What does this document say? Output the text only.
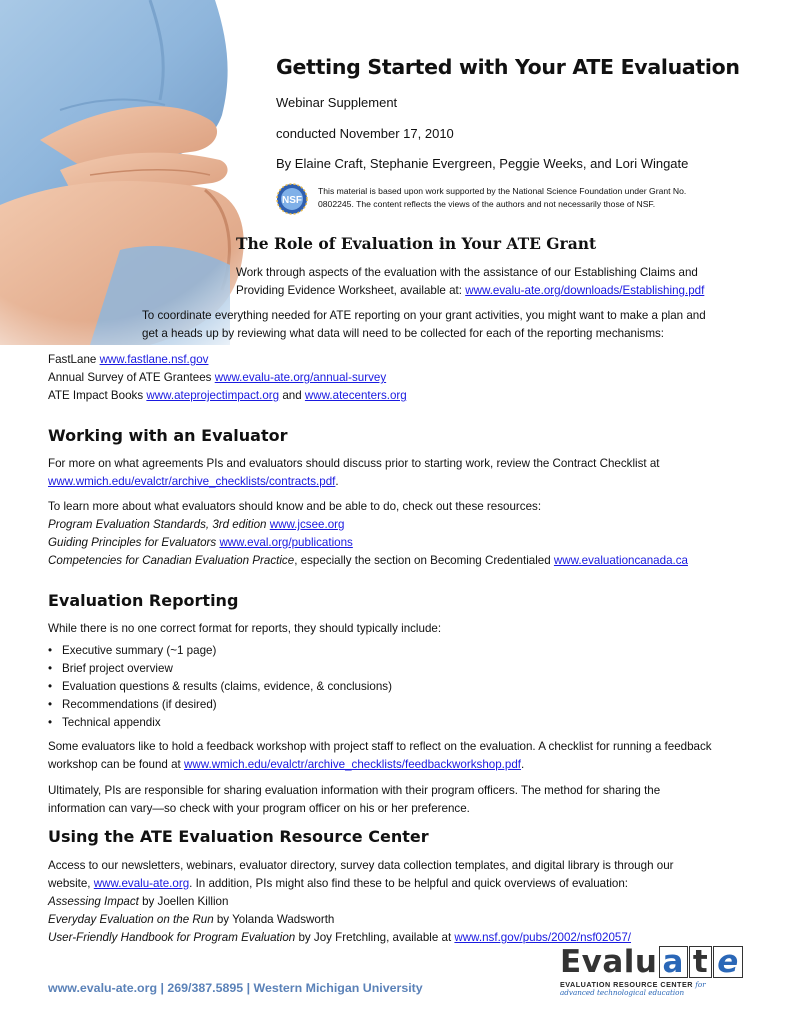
Getting Started with Your ATE Evaluation
Webinar Supplement
conducted November 17, 2010
By Elaine Craft, Stephanie Evergreen, Peggie Weeks, and Lori Wingate
NSF
This material is based upon work supported by the National Science Foundation under Grant No.
0802245. The content reflects the views of the authors and not necessarily those of NSF.
The Role of Evaluation in Your ATE Grant
Work through aspects of the evaluation with the assistance of our Establishing Claims and
Providing Evidence Worksheet, available at: www.evalu-ate.org/downloads/Establishing.pdf
To coordinate everything needed for ATE reporting on your grant activities, you might want to make a plan and
get a heads up by reviewing what data will need to be collected for each of the reporting mechanisms:
FastLane www.fastlane.nsf.gov
Annual Survey of ATE Grantees www.evalu-ate.org/annual-survey
ATE Impact Books www.ateprojectimpact.org and www.atecenters.org
Working with an Evaluator
For more on what agreements PIs and evaluators should discuss prior to starting work, review the Contract Checklist at
www.wmich.edu/evalctr/archive_checklists/contracts.pdf.
To learn more about what evaluators should know and be able to do, check out these resources:
Program Evaluation Standards, 3rd edition www.jcsee.org
Guiding Principles for Evaluators www.eval.org/publications
Competencies for Canadian Evaluation Practice, especially the section on Becoming Credentialed www.evaluationcanada.ca
Evaluation Reporting
While there is no one correct format for reports, they should typically include:
• Executive summary (~1 page)
• Brief project overview
• Evaluation questions & results (claims, evidence, & conclusions)
• Recommendations (if desired)
• Technical appendix
Some evaluators like to hold a feedback workshop with project staff to reflect on the evaluation. A checklist for running a feedback
workshop can be found at www.wmich.edu/evalctr/archive_checklists/feedbackworkshop.pdf.
Ultimately, PIs are responsible for sharing evaluation information with their program officers. The method for sharing the
information can vary—so check with your program officer on his or her preference.
Using the ATE Evaluation Resource Center
Access to our newsletters, webinars, evaluator directory, survey data collection templates, and digital library is through our
website, www.evalu-ate.org. In addition, PIs might also find these to be helpful and quick overviews of evaluation:
Assessing Impact by Joellen Killion
Everyday Evaluation on the Run by Yolanda Wadsworth
User-Friendly Handbook for Program Evaluation by Joy Fretchling, available at www.nsf.gov/pubs/2002/nsf02057/
www.evalu-ate.org | 269/387.5895 | Western Michigan University
Evalu a t e
EVALUATION RESOURCE CENTER for
advanced technological education
